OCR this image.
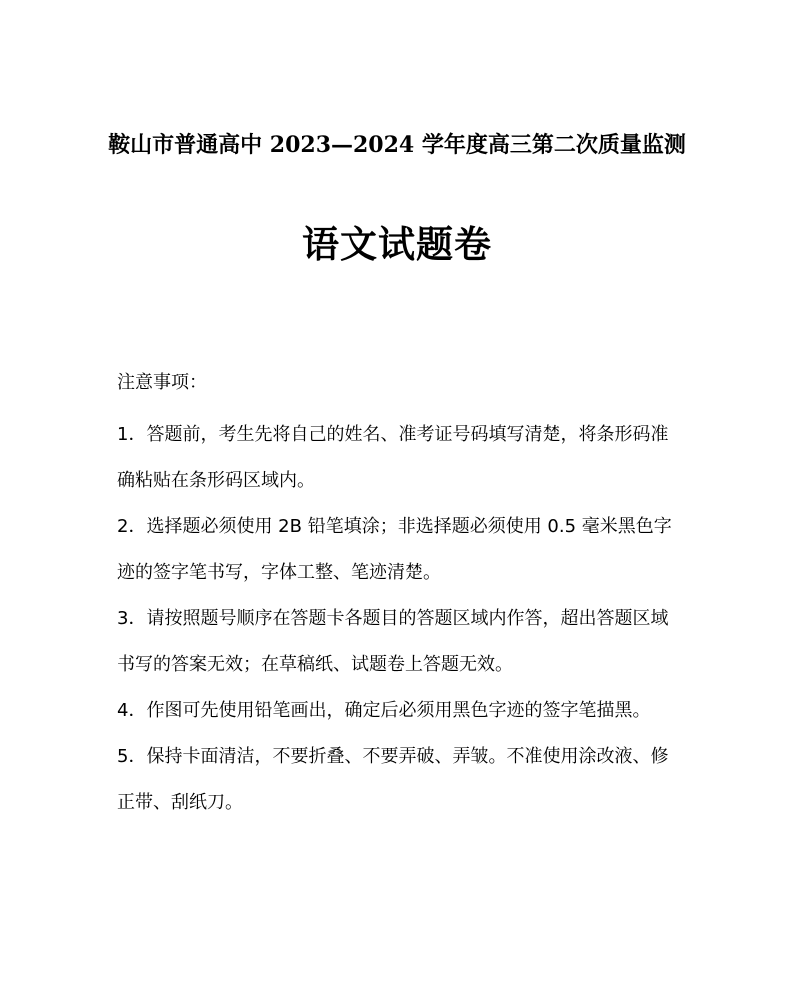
鞍山市普通高中 2023—2024 学年度高三第二次质量监测
语文试题卷
注意事项：
1．答题前，考生先将自己的姓名、准考证号码填写清楚，将条形码准
确粘贴在条形码区域内。
2．选择题必须使用 2B 铅笔填涂；非选择题必须使用 0.5 毫米黑色字
迹的签字笔书写，字体工整、笔迹清楚。
3．请按照题号顺序在答题卡各题目的答题区域内作答，超出答题区域
书写的答案无效；在草稿纸、试题卷上答题无效。
4．作图可先使用铅笔画出，确定后必须用黑色字迹的签字笔描黑。
5．保持卡面清洁，不要折叠、不要弄破、弄皱。不准使用涂改液、修
正带、刮纸刀。
